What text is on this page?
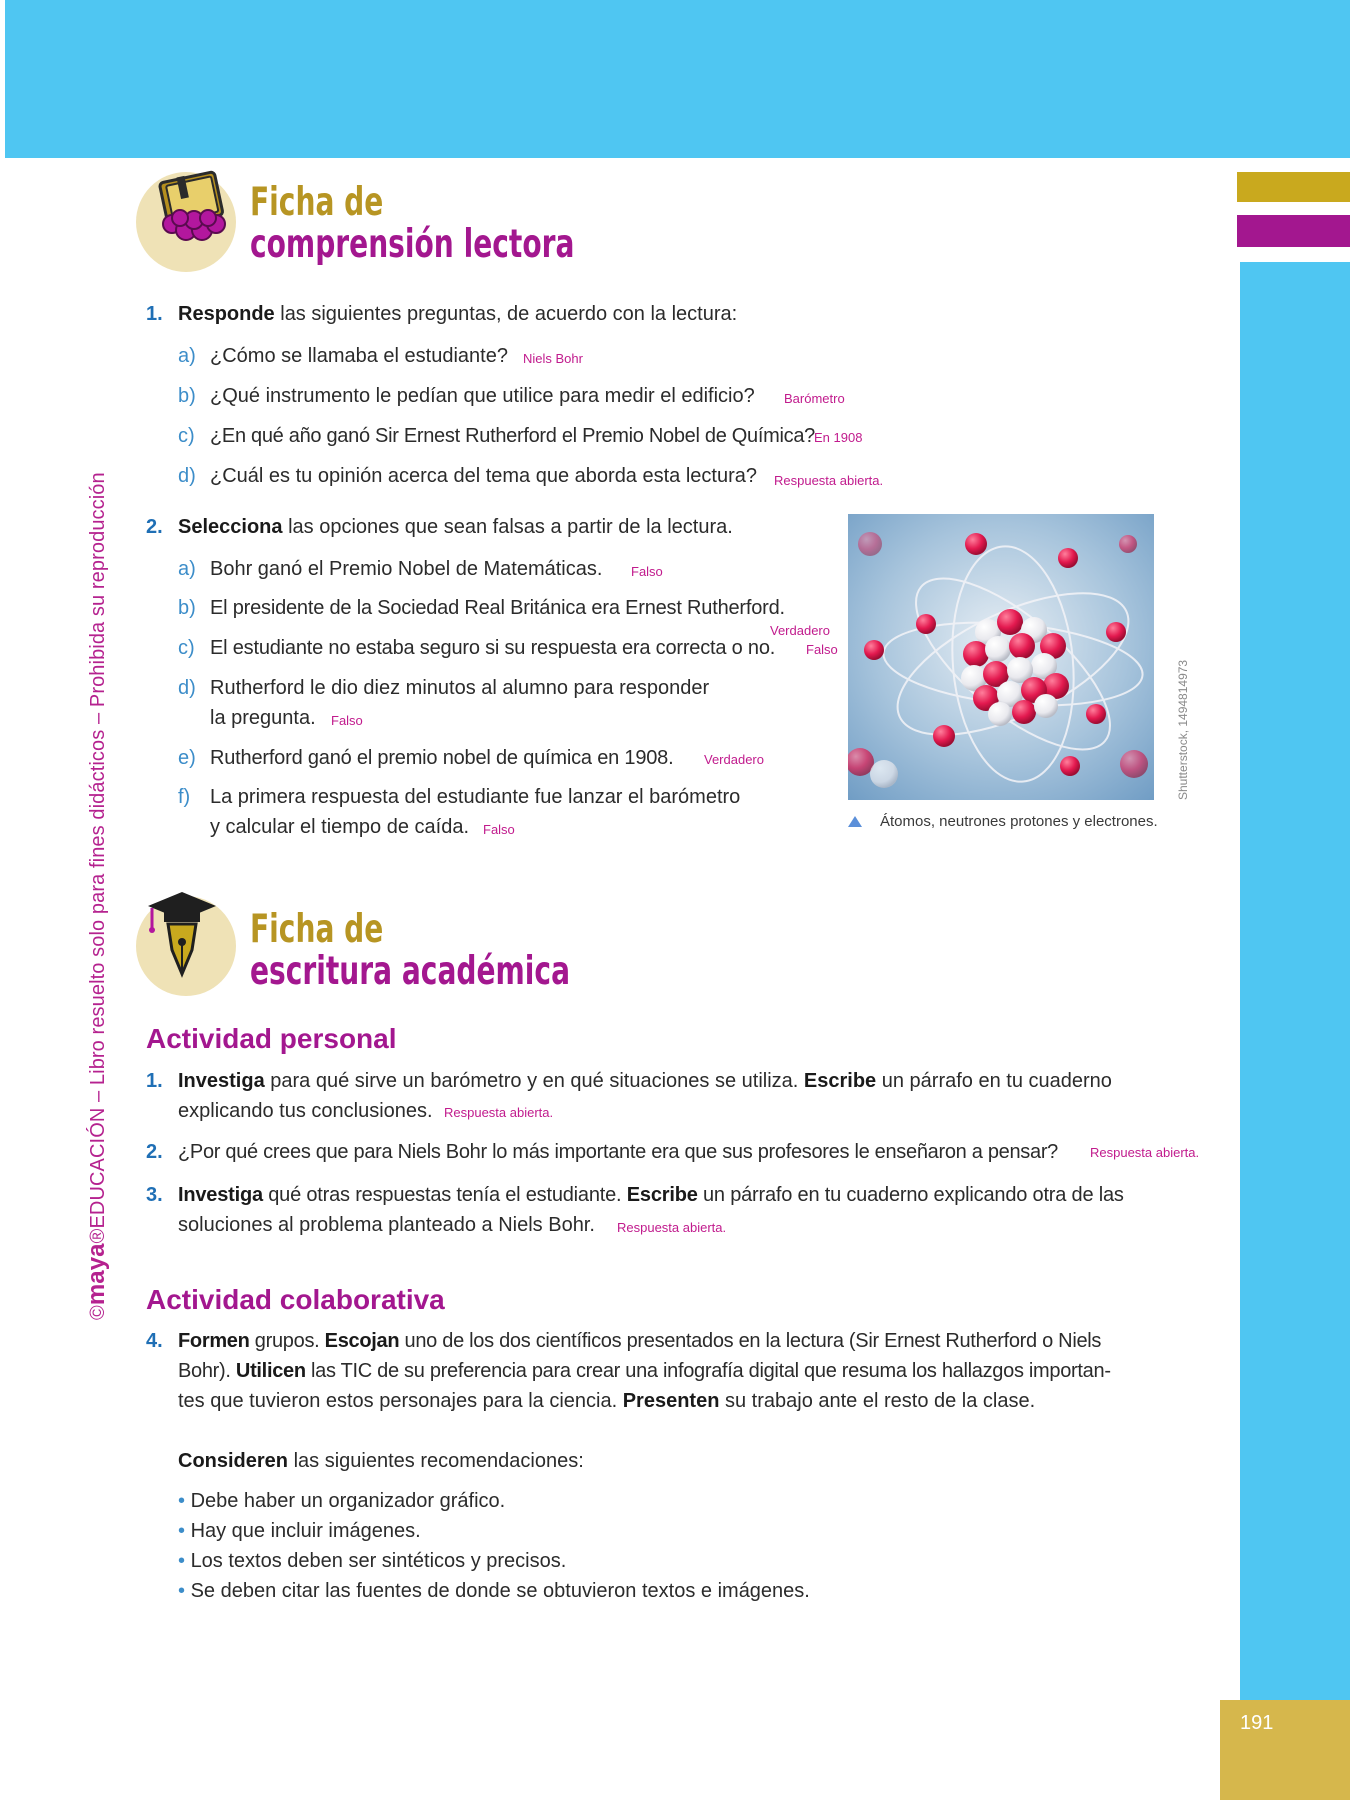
191
©maya®EDUCACIÓN – Libro resuelto solo para fines didácticos – Prohibida su reproducción
Ficha de
comprensión lectora
1. Responde las siguientes preguntas, de acuerdo con la lectura:
a) ¿Cómo se llamaba el estudiante? Niels Bohr
b) ¿Qué instrumento le pedían que utilice para medir el edificio? Barómetro
c) ¿En qué año ganó Sir Ernest Rutherford el Premio Nobel de Química? En 1908
d) ¿Cuál es tu opinión acerca del tema que aborda esta lectura? Respuesta abierta.
2. Selecciona las opciones que sean falsas a partir de la lectura.
a) Bohr ganó el Premio Nobel de Matemáticas. Falso
b) El presidente de la Sociedad Real Británica era Ernest Rutherford.
Verdadero
c) El estudiante no estaba seguro si su respuesta era correcta o no. Falso
d) Rutherford le dio diez minutos al alumno para responder
la pregunta. Falso
e) Rutherford ganó el premio nobel de química en 1908. Verdadero
f) La primera respuesta del estudiante fue lanzar el barómetro
y calcular el tiempo de caída. Falso
Shutterstock, 1494814973
Átomos, neutrones protones y electrones.
Ficha de
escritura académica
Actividad personal
1. Investiga para qué sirve un barómetro y en qué situaciones se utiliza. Escribe un párrafo en tu cuaderno
explicando tus conclusiones. Respuesta abierta.
2. ¿Por qué crees que para Niels Bohr lo más importante era que sus profesores le enseñaron a pensar? Respuesta abierta.
3. Investiga qué otras respuestas tenía el estudiante. Escribe un párrafo en tu cuaderno explicando otra de las
soluciones al problema planteado a Niels Bohr. Respuesta abierta.
Actividad colaborativa
4. Formen grupos. Escojan uno de los dos científicos presentados en la lectura (Sir Ernest Rutherford o Niels
Bohr). Utilicen las TIC de su preferencia para crear una infografía digital que resuma los hallazgos importan-
tes que tuvieron estos personajes para la ciencia. Presenten su trabajo ante el resto de la clase.
Consideren las siguientes recomendaciones:
• Debe haber un organizador gráfico.
• Hay que incluir imágenes.
• Los textos deben ser sintéticos y precisos.
• Se deben citar las fuentes de donde se obtuvieron textos e imágenes.
